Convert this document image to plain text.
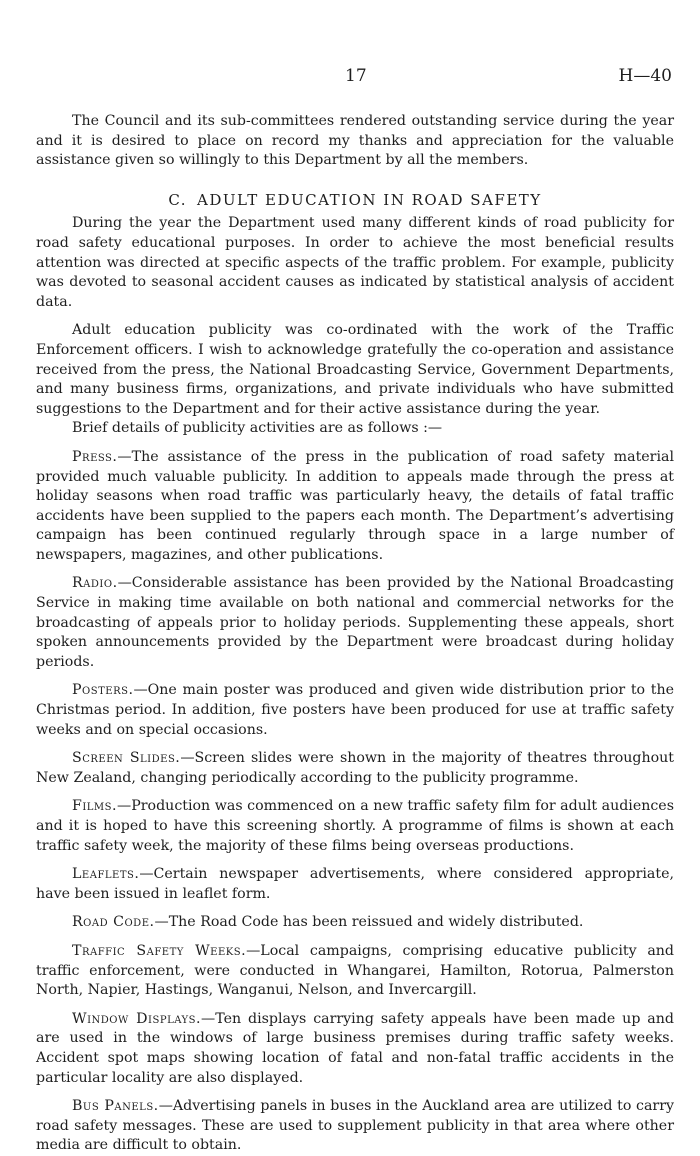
17	H—40

The Council and its sub-committees rendered outstanding service during the year and it is desired to place on record my thanks and appreciation for the valuable assistance given so willingly to this Department by all the members.

C. ADULT EDUCATION IN ROAD SAFETY

During the year the Department used many different kinds of road publicity for road safety educational purposes. In order to achieve the most beneficial results attention was directed at specific aspects of the traffic problem. For example, publicity was devoted to seasonal accident causes as indicated by statistical analysis of accident data.

Adult education publicity was co-ordinated with the work of the Traffic Enforcement officers. I wish to acknowledge gratefully the co-operation and assistance received from the press, the National Broadcasting Service, Government Departments, and many business firms, organizations, and private individuals who have submitted suggestions to the Department and for their active assistance during the year.

Brief details of publicity activities are as follows :—

Press.—The assistance of the press in the publication of road safety material provided much valuable publicity. In addition to appeals made through the press at holiday seasons when road traffic was particularly heavy, the details of fatal traffic accidents have been supplied to the papers each month. The Department’s advertising campaign has been continued regularly through space in a large number of newspapers, magazines, and other publications.

Radio.—Considerable assistance has been provided by the National Broadcasting Service in making time available on both national and commercial networks for the broadcasting of appeals prior to holiday periods. Supplementing these appeals, short spoken announcements provided by the Department were broadcast during holiday periods.

Posters.—One main poster was produced and given wide distribution prior to the Christmas period. In addition, five posters have been produced for use at traffic safety weeks and on special occasions.

Screen Slides.—Screen slides were shown in the majority of theatres throughout New Zealand, changing periodically according to the publicity programme.

Films.—Production was commenced on a new traffic safety film for adult audiences and it is hoped to have this screening shortly. A programme of films is shown at each traffic safety week, the majority of these films being overseas productions.

Leaflets.—Certain newspaper advertisements, where considered appropriate, have been issued in leaflet form.

Road Code.—The Road Code has been reissued and widely distributed.

Traffic Safety Weeks.—Local campaigns, comprising educative publicity and traffic enforcement, were conducted in Whangarei, Hamilton, Rotorua, Palmerston North, Napier, Hastings, Wanganui, Nelson, and Invercargill.

Window Displays.—Ten displays carrying safety appeals have been made up and are used in the windows of large business premises during traffic safety weeks. Accident spot maps showing location of fatal and non-fatal traffic accidents in the particular locality are also displayed.

Bus Panels.—Advertising panels in buses in the Auckland area are utilized to carry road safety messages. These are used to supplement publicity in that area where other media are difficult to obtain.
